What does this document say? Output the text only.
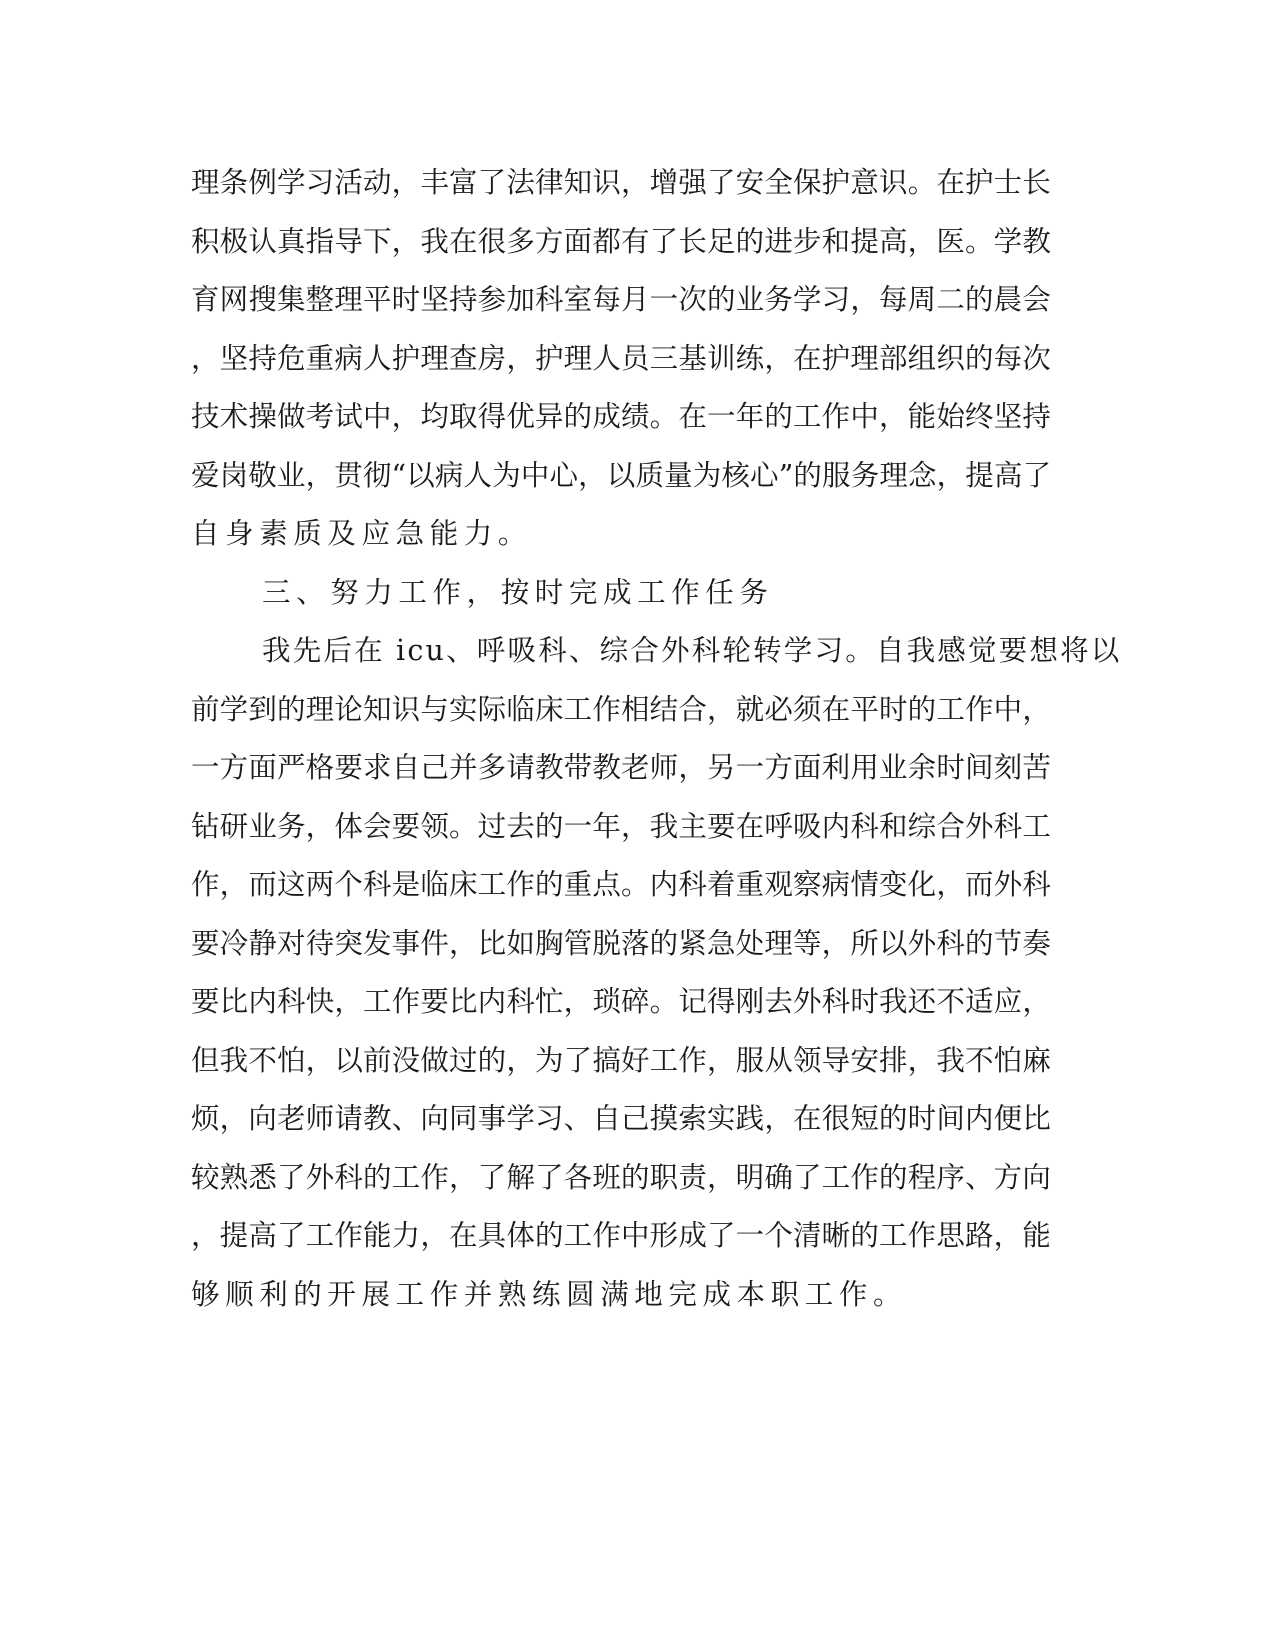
理条例学习活动，丰富了法律知识，增强了安全保护意识。在护士长
积极认真指导下，我在很多方面都有了长足的进步和提高，医。学教
育网搜集整理平时坚持参加科室每月一次的业务学习，每周二的晨会
，坚持危重病人护理查房，护理人员三基训练，在护理部组织的每次
技术操做考试中，均取得优异的成绩。在一年的工作中，能始终坚持
爱岗敬业，贯彻“以病人为中心，以质量为核心”的服务理念，提高了
自身素质及应急能力。
三、努力工作，按时完成工作任务
我先后在 icu、呼吸科、综合外科轮转学习。自我感觉要想将以
前学到的理论知识与实际临床工作相结合，就必须在平时的工作中，
一方面严格要求自己并多请教带教老师，另一方面利用业余时间刻苦
钻研业务，体会要领。过去的一年，我主要在呼吸内科和综合外科工
作，而这两个科是临床工作的重点。内科着重观察病情变化，而外科
要冷静对待突发事件，比如胸管脱落的紧急处理等，所以外科的节奏
要比内科快，工作要比内科忙，琐碎。记得刚去外科时我还不适应，
但我不怕，以前没做过的，为了搞好工作，服从领导安排，我不怕麻
烦，向老师请教、向同事学习、自己摸索实践，在很短的时间内便比
较熟悉了外科的工作，了解了各班的职责，明确了工作的程序、方向
，提高了工作能力，在具体的工作中形成了一个清晰的工作思路，能
够顺利的开展工作并熟练圆满地完成本职工作。
